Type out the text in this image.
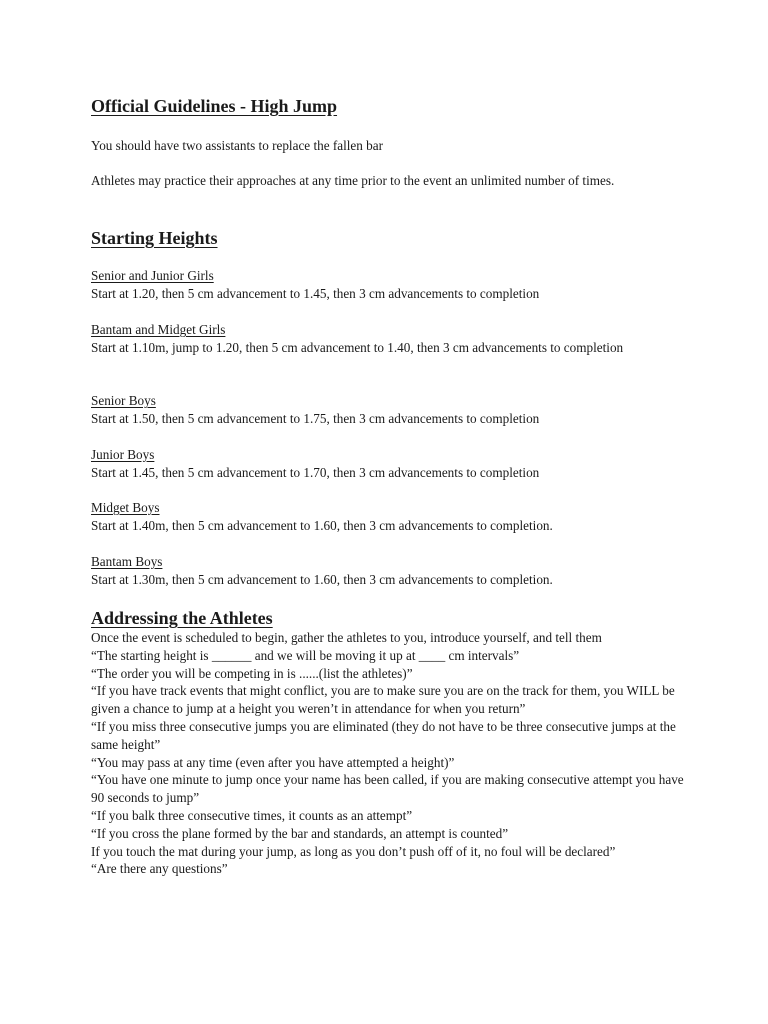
Official Guidelines - High Jump
You should have two assistants to replace the fallen bar
Athletes may practice their approaches at any time prior to the event an unlimited number of times.
Starting Heights
Senior and Junior Girls
Start at 1.20, then 5 cm advancement to 1.45, then 3 cm advancements to completion
Bantam and Midget Girls
Start at 1.10m, jump to 1.20, then 5 cm advancement to 1.40, then 3 cm advancements to completion
Senior Boys
Start at 1.50, then 5 cm advancement to 1.75, then 3 cm advancements to completion
Junior Boys
Start at 1.45, then 5 cm advancement to 1.70, then 3 cm advancements to completion
Midget Boys
Start at 1.40m, then 5 cm advancement to 1.60, then 3 cm advancements to completion.
Bantam Boys
Start at 1.30m, then 5 cm advancement to 1.60, then 3 cm advancements to completion.
Addressing the Athletes
Once the event is scheduled to begin, gather the athletes to you, introduce yourself, and tell them
“The starting height is ______ and we will be moving it up at ____ cm intervals”
“The order you will be competing in is ......(list the athletes)”
“If you have track events that might conflict, you are to make sure you are on the track for them, you WILL be given a chance to jump at a height you weren’t in attendance for when you return”
“If you miss three consecutive jumps you are eliminated (they do not have to be three consecutive jumps at the same height”
“You may pass at any time (even after you have attempted a height)”
“You have one minute to jump once your name has been called, if you are making consecutive attempt you have 90 seconds to jump”
“If you balk three consecutive times, it counts as an attempt”
“If you cross the plane formed by the bar and standards, an attempt is counted”
If you touch the mat during your jump, as long as you don’t push off of it, no foul will be declared”
“Are there any questions”
